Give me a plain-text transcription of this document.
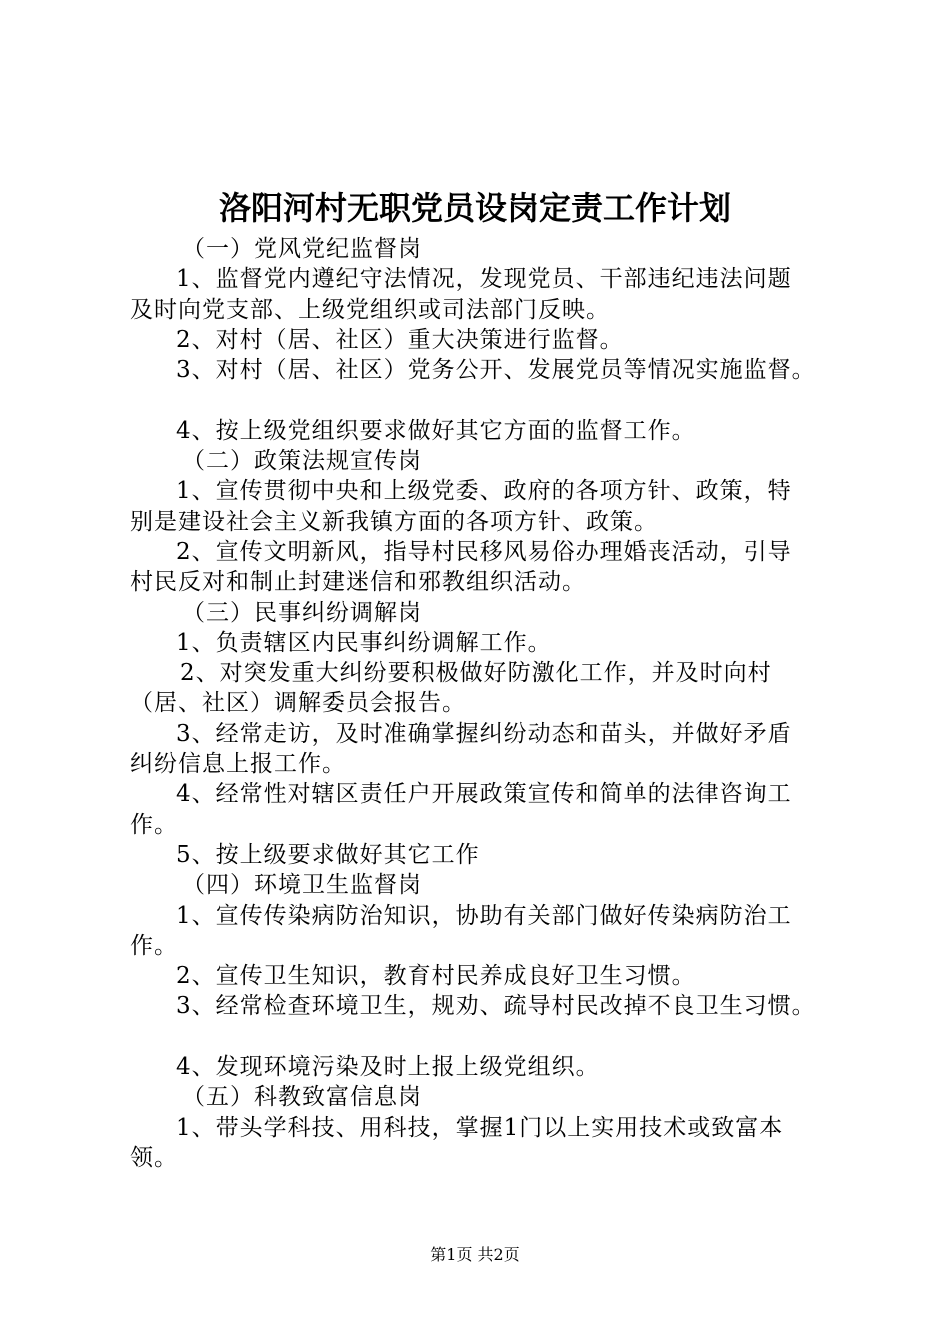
洛阳河村无职党员设岗定责工作计划
（一）党风党纪监督岗
1、监督党内遵纪守法情况，发现党员、干部违纪违法问题
及时向党支部、上级党组织或司法部门反映。
2、对村（居、社区）重大决策进行监督。
3、对村（居、社区）党务公开、发展党员等情况实施监督。
4、按上级党组织要求做好其它方面的监督工作。
（二）政策法规宣传岗
1、宣传贯彻中央和上级党委、政府的各项方针、政策，特
别是建设社会主义新我镇方面的各项方针、政策。
2、宣传文明新风，指导村民移风易俗办理婚丧活动，引导
村民反对和制止封建迷信和邪教组织活动。
（三）民事纠纷调解岗
1、负责辖区内民事纠纷调解工作。
2、对突发重大纠纷要积极做好防激化工作，并及时向村
（居、社区）调解委员会报告。
3、经常走访，及时准确掌握纠纷动态和苗头，并做好矛盾
纠纷信息上报工作。
4、经常性对辖区责任户开展政策宣传和简单的法律咨询工
作。
5、按上级要求做好其它工作
（四）环境卫生监督岗
1、宣传传染病防治知识，协助有关部门做好传染病防治工
作。
2、宣传卫生知识，教育村民养成良好卫生习惯。
3、经常检查环境卫生，规劝、疏导村民改掉不良卫生习惯。
4、发现环境污染及时上报上级党组织。
（五）科教致富信息岗
1、带头学科技、用科技，掌握1门以上实用技术或致富本
领。
第1页 共2页
